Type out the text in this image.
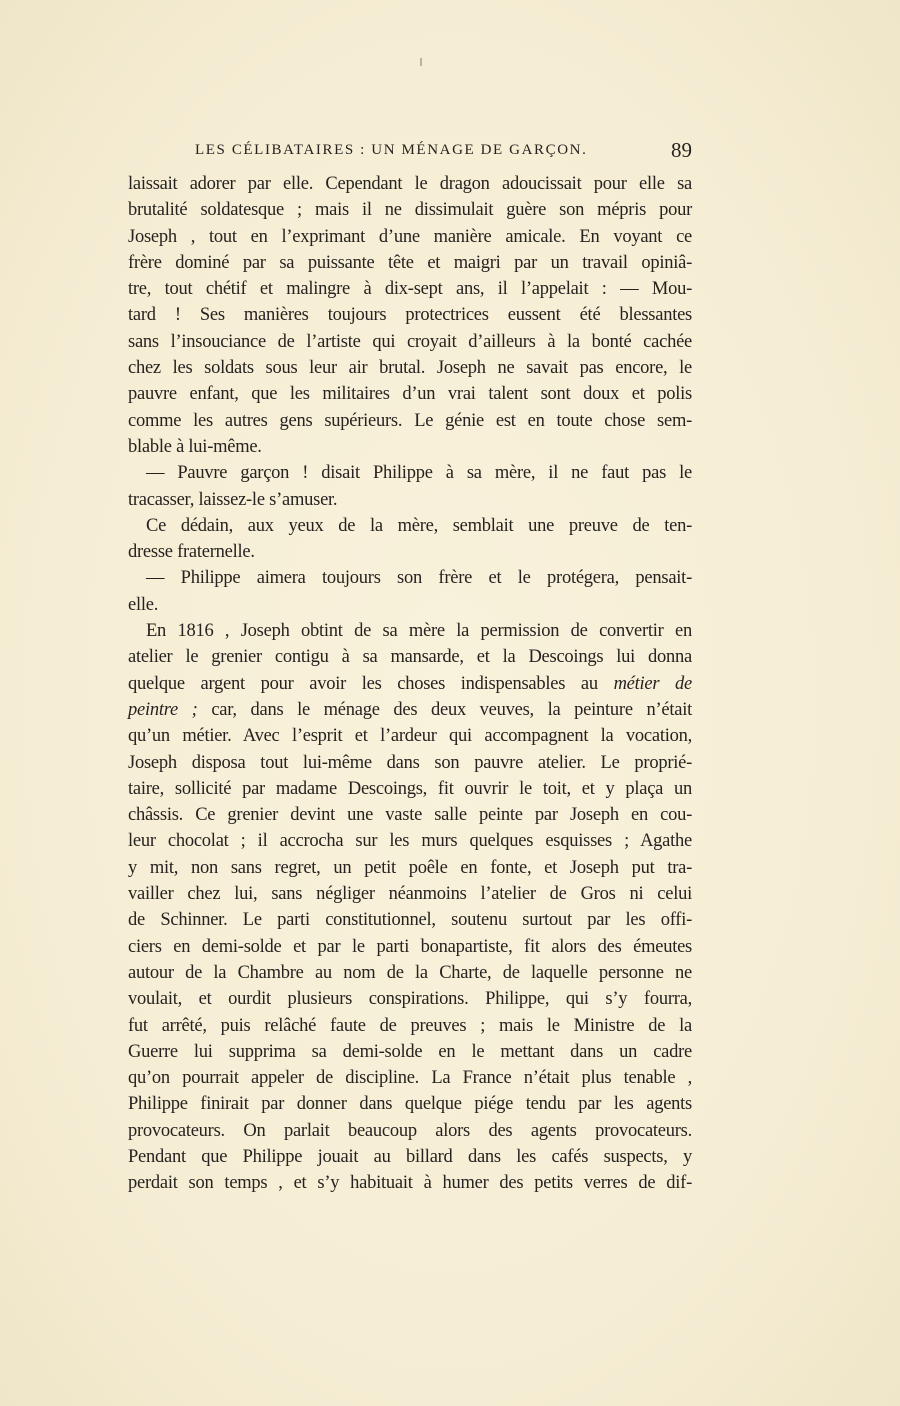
LES CÉLIBATAIRES : UN MÉNAGE DE GARÇON.	89
laissait adorer par elle. Cependant le dragon adoucissait pour elle sa
brutalité soldatesque ; mais il ne dissimulait guère son mépris pour
Joseph , tout en l’exprimant d’une manière amicale. En voyant ce
frère dominé par sa puissante tête et maigri par un travail opiniâ-
tre, tout chétif et malingre à dix-sept ans, il l’appelait : — Mou-
tard ! Ses manières toujours protectrices eussent été blessantes
sans l’insouciance de l’artiste qui croyait d’ailleurs à la bonté cachée
chez les soldats sous leur air brutal. Joseph ne savait pas encore, le
pauvre enfant, que les militaires d’un vrai talent sont doux et polis
comme les autres gens supérieurs. Le génie est en toute chose sem-
blable à lui-même.
— Pauvre garçon ! disait Philippe à sa mère, il ne faut pas le
tracasser, laissez-le s’amuser.
Ce dédain, aux yeux de la mère, semblait une preuve de ten-
dresse fraternelle.
— Philippe aimera toujours son frère et le protégera, pensait-
elle.
En 1816 , Joseph obtint de sa mère la permission de convertir en
atelier le grenier contigu à sa mansarde, et la Descoings lui donna
quelque argent pour avoir les choses indispensables au métier de
peintre ; car, dans le ménage des deux veuves, la peinture n’était
qu’un métier. Avec l’esprit et l’ardeur qui accompagnent la vocation,
Joseph disposa tout lui-même dans son pauvre atelier. Le proprié-
taire, sollicité par madame Descoings, fit ouvrir le toit, et y plaça un
châssis. Ce grenier devint une vaste salle peinte par Joseph en cou-
leur chocolat ; il accrocha sur les murs quelques esquisses ; Agathe
y mit, non sans regret, un petit poêle en fonte, et Joseph put tra-
vailler chez lui, sans négliger néanmoins l’atelier de Gros ni celui
de Schinner. Le parti constitutionnel, soutenu surtout par les offi-
ciers en demi-solde et par le parti bonapartiste, fit alors des émeutes
autour de la Chambre au nom de la Charte, de laquelle personne ne
voulait, et ourdit plusieurs conspirations. Philippe, qui s’y fourra,
fut arrêté, puis relâché faute de preuves ; mais le Ministre de la
Guerre lui supprima sa demi-solde en le mettant dans un cadre
qu’on pourrait appeler de discipline. La France n’était plus tenable ,
Philippe finirait par donner dans quelque piége tendu par les agents
provocateurs. On parlait beaucoup alors des agents provocateurs.
Pendant que Philippe jouait au billard dans les cafés suspects, y
perdait son temps , et s’y habituait à humer des petits verres de dif-
